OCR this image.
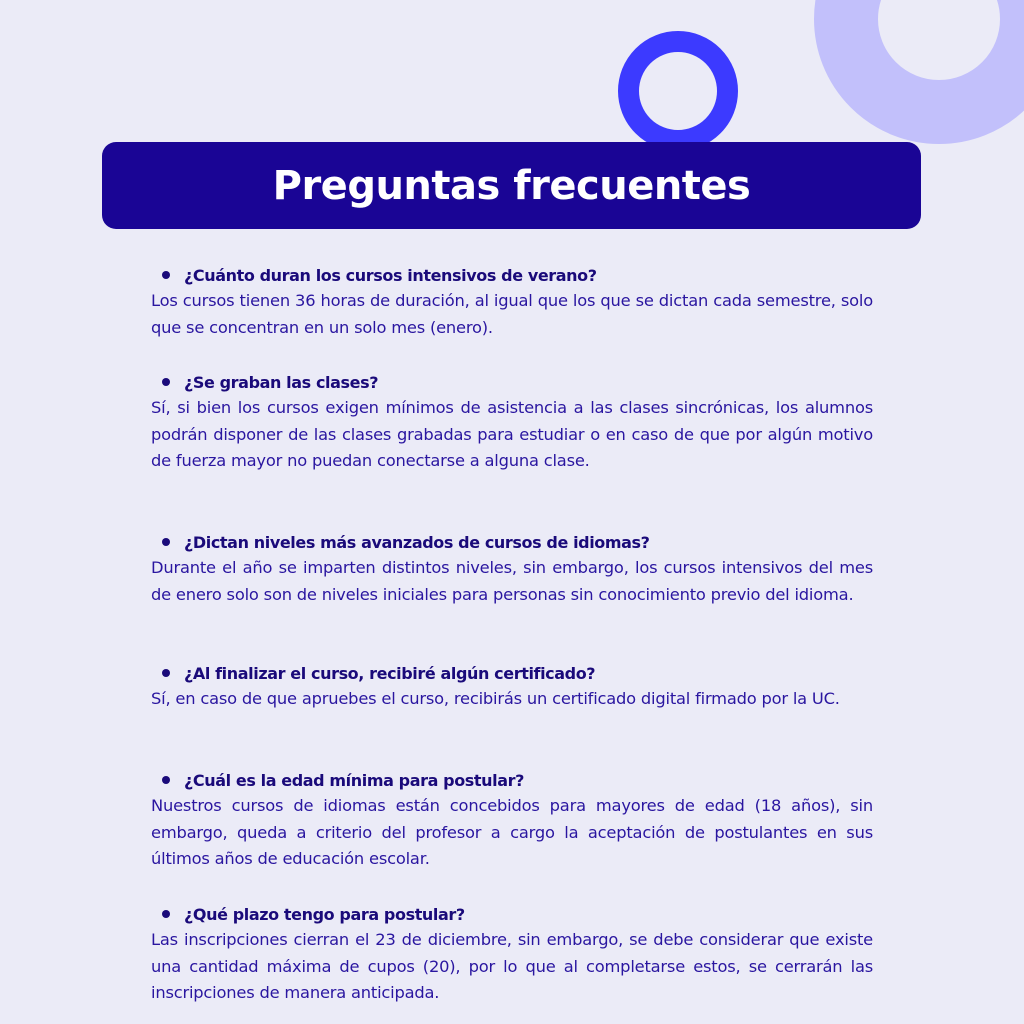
Preguntas frecuentes
¿Cuánto duran los cursos intensivos de verano?
Los cursos tienen 36 horas de duración, al igual que los que se dictan cada semestre, solo que se concentran en un solo mes (enero).
¿Se graban las clases?
Sí, si bien los cursos exigen mínimos de asistencia a las clases sincrónicas, los alumnos podrán disponer de las clases grabadas para estudiar o en caso de que por algún motivo de fuerza mayor no puedan conectarse a alguna clase.
¿Dictan niveles más avanzados de cursos de idiomas?
Durante el año se imparten distintos niveles, sin embargo, los cursos intensivos del mes de enero solo son de niveles iniciales para personas sin conocimiento previo del idioma.
¿Al finalizar el curso, recibiré algún certificado?
Sí, en caso de que apruebes el curso, recibirás un certificado digital firmado por la UC.
¿Cuál es la edad mínima para postular?
Nuestros cursos de idiomas están concebidos para mayores de edad (18 años), sin embargo, queda a criterio del profesor a cargo la aceptación de postulantes en sus últimos años de educación escolar.
¿Qué plazo tengo para postular?
Las inscripciones cierran el 23 de diciembre, sin embargo, se debe considerar que existe una cantidad máxima de cupos (20), por lo que al completarse estos, se cerrarán las inscripciones de manera anticipada.
